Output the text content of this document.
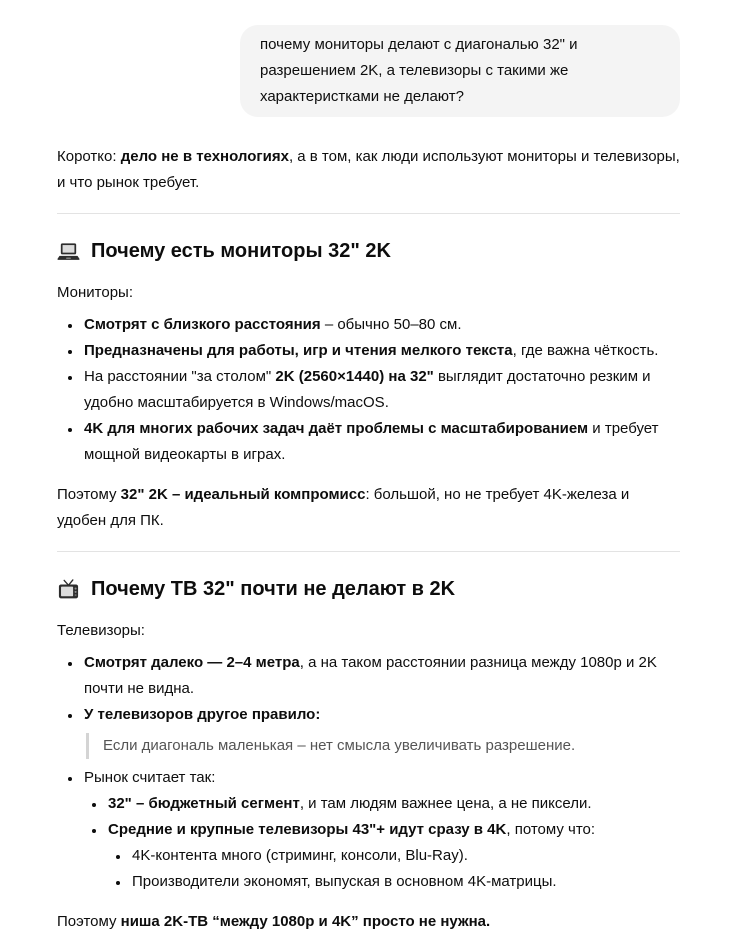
почему мониторы делают с диагональю 32" и разрешением 2K, а телевизоры с такими же характеристками не делают?

Коротко: дело не в технологиях, а в том, как люди используют мониторы и телевизоры, и что рынок требует.

Почему есть мониторы 32" 2K

Мониторы:

• Смотрят с близкого расстояния – обычно 50–80 см.
• Предназначены для работы, игр и чтения мелкого текста, где важна чёткость.
• На расстоянии "за столом" 2K (2560×1440) на 32" выглядит достаточно резким и удобно масштабируется в Windows/macOS.
• 4K для многих рабочих задач даёт проблемы с масштабированием и требует мощной видеокарты в играх.

Поэтому 32" 2K – идеальный компромисс: большой, но не требует 4K-железа и удобен для ПК.

Почему ТВ 32" почти не делают в 2K

Телевизоры:

• Смотрят далеко — 2–4 метра, а на таком расстоянии разница между 1080p и 2K почти не видна.
• У телевизоров другое правило:
Если диагональ маленькая – нет смысла увеличивать разрешение.
• Рынок считает так:
• 32" – бюджетный сегмент, и там людям важнее цена, а не пиксели.
• Средние и крупные телевизоры 43"+ идут сразу в 4K, потому что:
• 4K-контента много (стриминг, консоли, Blu-Ray).
• Производители экономят, выпуская в основном 4K-матрицы.

Поэтому ниша 2K-ТВ “между 1080p и 4K” просто не нужна.
